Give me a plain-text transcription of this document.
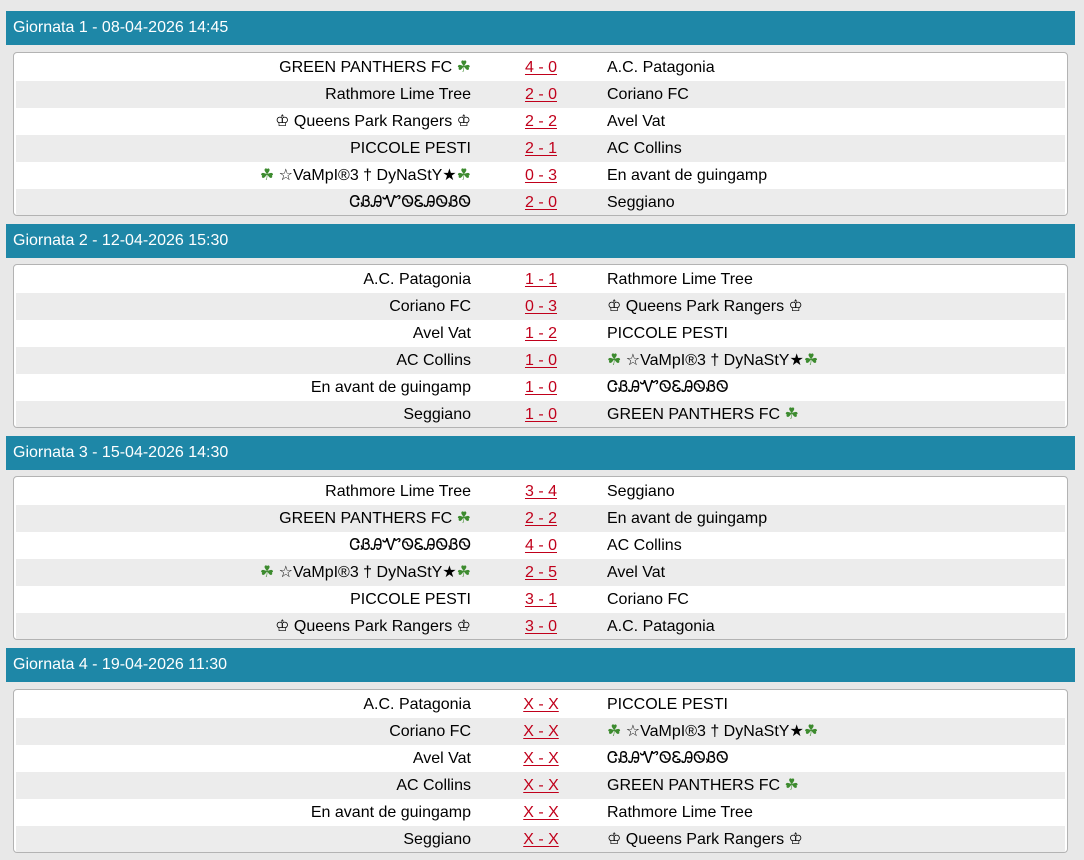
Giornata 1 - 08-04-2026 14:45
GREEN PANTHERS FC ☘	4 - 0	A.C. Patagonia
Rathmore Lime Tree	2 - 0	Coriano FC
♔ Queens Park Rangers ♔	2 - 2	Avel Vat
PICCOLE PESTI	2 - 1	AC Collins
☘ ☆VaMpI®3 † DyNaStY★☘	0 - 3	En avant de guingamp
ᏣᏰᎯᏉᏫᏋᎯᏫᏰᏫ	2 - 0	Seggiano
Giornata 2 - 12-04-2026 15:30
A.C. Patagonia	1 - 1	Rathmore Lime Tree
Coriano FC	0 - 3	♔ Queens Park Rangers ♔
Avel Vat	1 - 2	PICCOLE PESTI
AC Collins	1 - 0	☘ ☆VaMpI®3 † DyNaStY★☘
En avant de guingamp	1 - 0	ᏣᏰᎯᏉᏫᏋᎯᏫᏰᏫ
Seggiano	1 - 0	GREEN PANTHERS FC ☘
Giornata 3 - 15-04-2026 14:30
Rathmore Lime Tree	3 - 4	Seggiano
GREEN PANTHERS FC ☘	2 - 2	En avant de guingamp
ᏣᏰᎯᏉᏫᏋᎯᏫᏰᏫ	4 - 0	AC Collins
☘ ☆VaMpI®3 † DyNaStY★☘	2 - 5	Avel Vat
PICCOLE PESTI	3 - 1	Coriano FC
♔ Queens Park Rangers ♔	3 - 0	A.C. Patagonia
Giornata 4 - 19-04-2026 11:30
A.C. Patagonia	X - X	PICCOLE PESTI
Coriano FC	X - X	☘ ☆VaMpI®3 † DyNaStY★☘
Avel Vat	X - X	ᏣᏰᎯᏉᏫᏋᎯᏫᏰᏫ
AC Collins	X - X	GREEN PANTHERS FC ☘
En avant de guingamp	X - X	Rathmore Lime Tree
Seggiano	X - X	♔ Queens Park Rangers ♔
